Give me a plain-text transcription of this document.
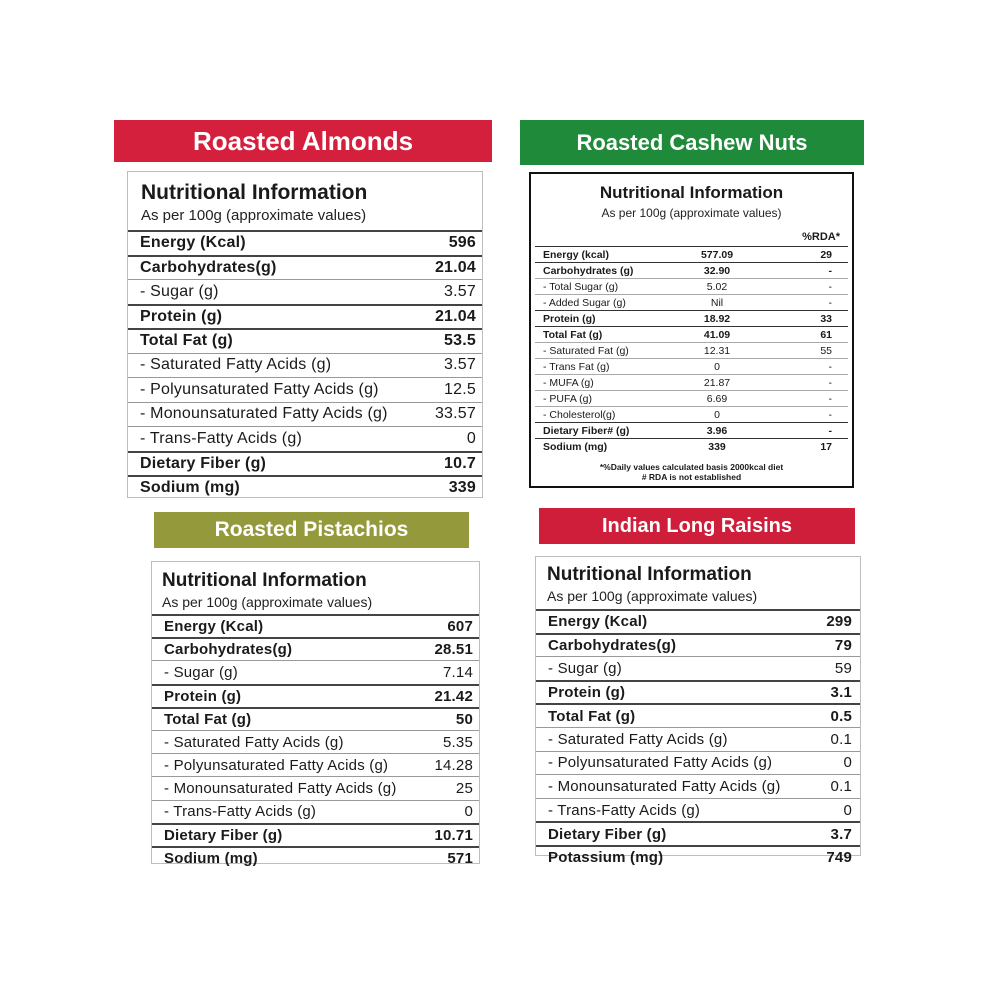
Roasted Almonds
Nutritional Information
As per 100g (approximate values)
Energy (Kcal)	596
Carbohydrates(g)	21.04
- Sugar (g)	3.57
Protein (g)	21.04
Total Fat (g)	53.5
- Saturated Fatty Acids (g)	3.57
- Polyunsaturated Fatty Acids (g)	12.5
- Monounsaturated Fatty Acids (g)	33.57
- Trans-Fatty Acids (g)	0
Dietary Fiber (g)	10.7
Sodium (mg)	339
Roasted Cashew Nuts
Nutritional Information
As per 100g (approximate values)
%RDA*
Energy (kcal)	577.09	29
Carbohydrates (g)	32.90	-
- Total Sugar (g)	5.02	-
- Added Sugar (g)	Nil	-
Protein (g)	18.92	33
Total Fat (g)	41.09	61
- Saturated Fat (g)	12.31	55
- Trans Fat (g)	0	-
- MUFA (g)	21.87	-
- PUFA (g)	6.69	-
- Cholesterol(g)	0	-
Dietary Fiber# (g)	3.96	-
Sodium (mg)	339	17
*%Daily values calculated basis 2000kcal diet
# RDA is not established
Roasted Pistachios
Nutritional Information
As per 100g (approximate values)
Energy (Kcal)	607
Carbohydrates(g)	28.51
- Sugar (g)	7.14
Protein (g)	21.42
Total Fat (g)	50
- Saturated Fatty Acids (g)	5.35
- Polyunsaturated Fatty Acids (g)	14.28
- Monounsaturated Fatty Acids (g)	25
- Trans-Fatty Acids (g)	0
Dietary Fiber (g)	10.71
Sodium (mg)	571
Indian Long Raisins
Nutritional Information
As per 100g (approximate values)
Energy (Kcal)	299
Carbohydrates(g)	79
- Sugar (g)	59
Protein (g)	3.1
Total Fat (g)	0.5
- Saturated Fatty Acids (g)	0.1
- Polyunsaturated Fatty Acids (g)	0
- Monounsaturated Fatty Acids (g)	0.1
- Trans-Fatty Acids (g)	0
Dietary Fiber (g)	3.7
Potassium (mg)	749
